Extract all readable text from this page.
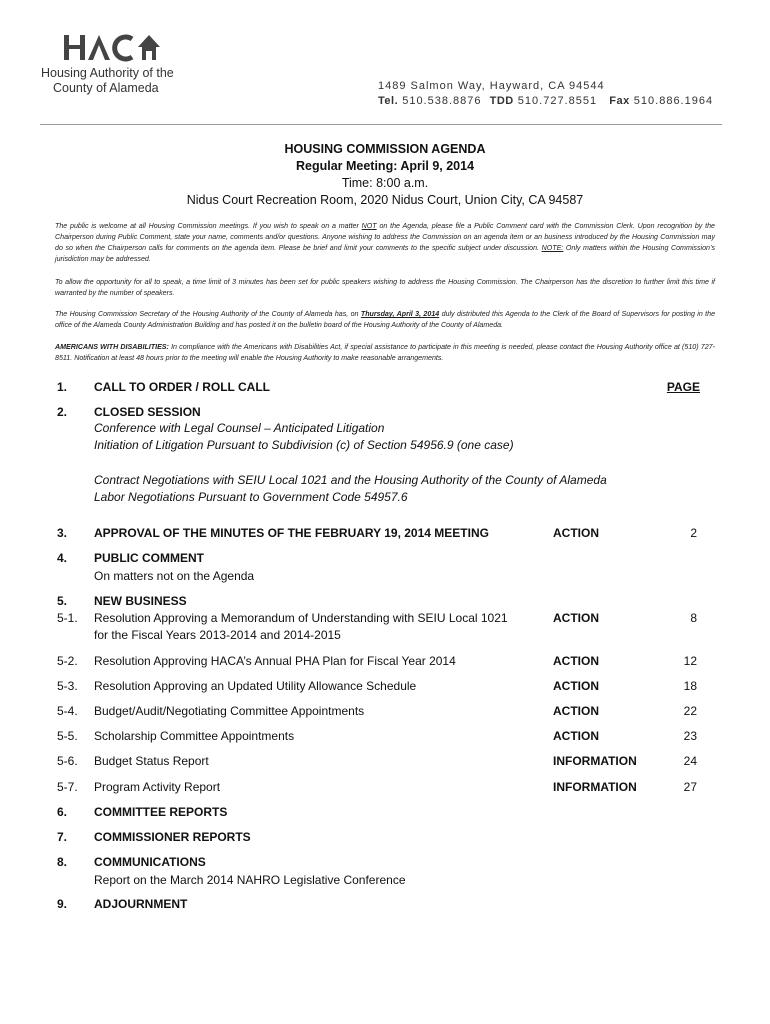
Housing Authority of the
County of Alameda	1489 Salmon Way, Hayward, CA 94544
Tel. 510.538.8876 TDD 510.727.8551 Fax 510.886.1964
HOUSING COMMISSION AGENDA
Regular Meeting: April 9, 2014
Time: 8:00 a.m.
Nidus Court Recreation Room, 2020 Nidus Court, Union City, CA 94587
The public is welcome at all Housing Commission meetings. If you wish to speak on a matter NOT on the Agenda, please file a Public Comment card with the Commission Clerk. Upon recognition by the Chairperson during Public Comment, state your name, comments and/or questions. Anyone wishing to address the Commission on an agenda item or an business introduced by the Housing Commission may do so when the Chairperson calls for comments on the agenda item. Please be brief and limit your comments to the specific subject under discussion. NOTE: Only matters within the Housing Commission’s jurisdiction may be addressed.
To allow the opportunity for all to speak, a time limit of 3 minutes has been set for public speakers wishing to address the Housing Commission. The Chairperson has the discretion to further limit this time if warranted by the number of speakers.
The Housing Commission Secretary of the Housing Authority of the County of Alameda has, on Thursday, April 3, 2014 duly distributed this Agenda to the Clerk of the Board of Supervisors for posting in the office of the Alameda County Administration Building and has posted it on the bulletin board of the Housing Authority of the County of Alameda.
AMERICANS WITH DISABILITIES: In compliance with the Americans with Disabilities Act, if special assistance to participate in this meeting is needed, please contact the Housing Authority office at (510) 727-8511. Notification at least 48 hours prior to the meeting will enable the Housing Authority to make reasonable arrangements.
PAGE
1. CALL TO ORDER / ROLL CALL
2. CLOSED SESSION
Conference with Legal Counsel – Anticipated Litigation
Initiation of Litigation Pursuant to Subdivision (c) of Section 54956.9 (one case)
Contract Negotiations with SEIU Local 1021 and the Housing Authority of the County of Alameda
Labor Negotiations Pursuant to Government Code 54957.6
3. APPROVAL OF THE MINUTES OF THE FEBRUARY 19, 2014 MEETING	ACTION	2
4. PUBLIC COMMENT
On matters not on the Agenda
5. NEW BUSINESS
5-1. Resolution Approving a Memorandum of Understanding with SEIU Local 1021
for the Fiscal Years 2013-2014 and 2014-2015
ACTION	8
5-2. Resolution Approving HACA’s Annual PHA Plan for Fiscal Year 2014	ACTION	12
5-3. Resolution Approving an Updated Utility Allowance Schedule	ACTION	18
5-4. Budget/Audit/Negotiating Committee Appointments	ACTION	22
5-5. Scholarship Committee Appointments	ACTION	23
5-6. Budget Status Report	INFORMATION	24
5-7. Program Activity Report	INFORMATION	27
6. COMMITTEE REPORTS
7. COMMISSIONER REPORTS
8. COMMUNICATIONS
Report on the March 2014 NAHRO Legislative Conference
9. ADJOURNMENT
